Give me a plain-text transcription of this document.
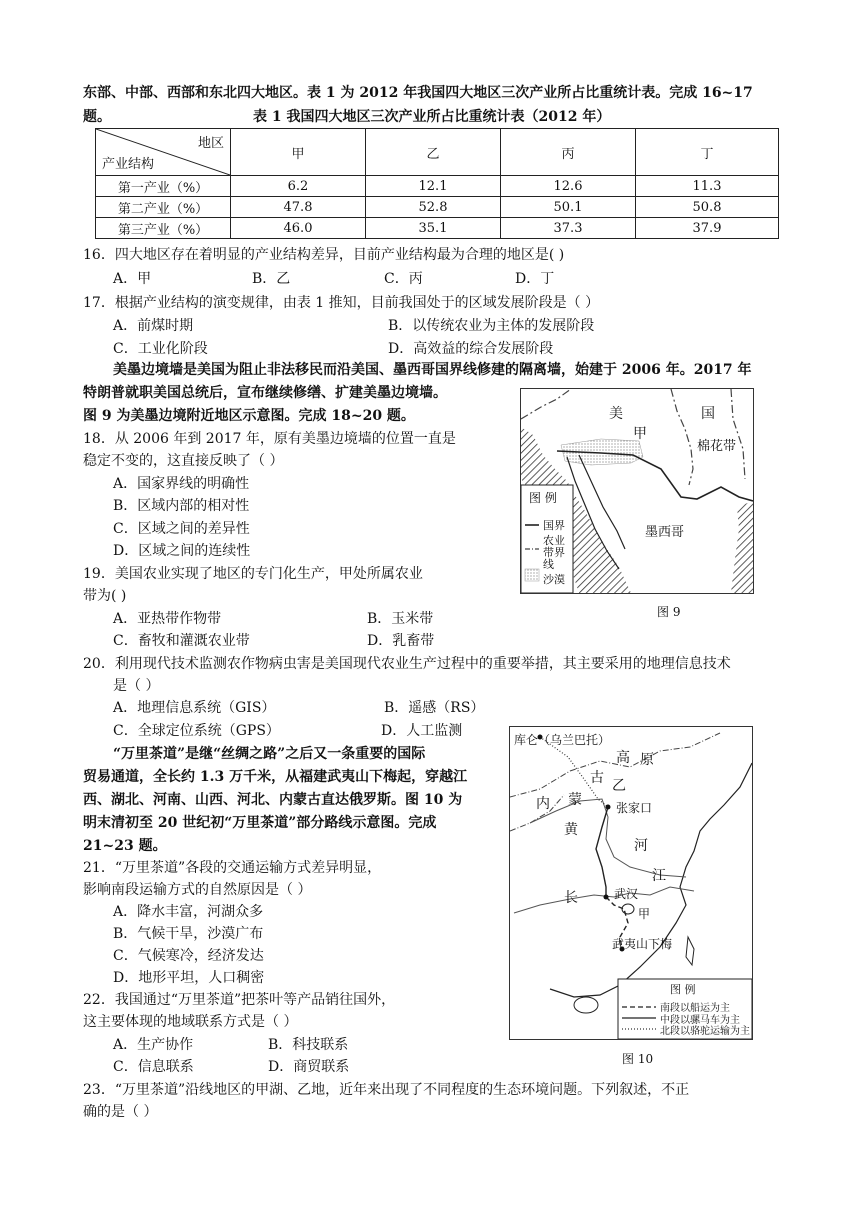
东部、中部、西部和东北四大地区。表 1 为 2012 年我国四大地区三次产业所占比重统计表。完成 16~17
题。	表 1 我国四大地区三次产业所占比重统计表（2012 年）
地区
产业结构	甲	乙	丙	丁
第一产业（%）	6.2	12.1	12.6	11.3
第二产业（%）	47.8	52.8	50.1	50.8
第三产业（%）	46.0	35.1	37.3	37.9
16．四大地区存在着明显的产业结构差异，目前产业结构最为合理的地区是( )
A．甲	B．乙	C．丙	D．丁
17．根据产业结构的演变规律，由表 1 推知，目前我国处于的区域发展阶段是（ ）
A．前煤时期	B．以传统农业为主体的发展阶段
C．工业化阶段	D．高效益的综合发展阶段
美墨边境墙是美国为阻止非法移民而沿美国、墨西哥国界线修建的隔离墙，始建于 2006 年。2017 年
特朗普就职美国总统后，宣布继续修缮、扩建美墨边境墙。
图 9 为美墨边境附近地区示意图。完成 18~20 题。
18．从 2006 年到 2017 年，原有美墨边境墙的位置一直是
稳定不变的，这直接反映了（ ）
A．国家界线的明确性
B．区域内部的相对性
C．区域之间的差异性
D．区域之间的连续性
19．美国农业实现了地区的专门化生产，甲处所属农业
带为( )
A．亚热带作物带	B．玉米带
C．畜牧和灌溉农业带	D．乳畜带
美	国
甲
棉花带
墨西哥
图 例
国界
农业带界线
沙漠
图 9
20．利用现代技术监测农作物病虫害是美国现代农业生产过程中的重要举措，其主要采用的地理信息技术
是（ ）
A．地理信息系统（GIS）	B．遥感（RS）
C．全球定位系统（GPS）	D．人工监测
“万里茶道”是继“丝绸之路”之后又一条重要的国际
贸易通道，全长约 1.3 万千米，从福建武夷山下梅起，穿越江
西、湖北、河南、山西、河北、内蒙古直达俄罗斯。图 10 为
明末清初至 20 世纪初“万里茶道”部分路线示意图。完成
21~23 题。
21．“万里茶道”各段的交通运输方式差异明显，
影响南段运输方式的自然原因是（ ）
A．降水丰富，河湖众多
B．气候干旱，沙漠广布
C．气候寒冷，经济发达
D．地形平坦，人口稠密
22．我国通过“万里茶道”把茶叶等产品销往国外，
这主要体现的地域联系方式是（ ）
A．生产协作	B．科技联系
C．信息联系	D．商贸联系
23．“万里茶道”沿线地区的甲湖、乙地，近年来出现了不同程度的生态环境问题。下列叙述，不正
确的是（ ）
库仑（乌兰巴托）
高 原
古 乙
内 蒙	张家口
黄
河
江
长	武汉
甲
武夷山下梅
图 例
南段以船运为主
中段以骡马车为主
北段以骆驼运输为主
图 10
